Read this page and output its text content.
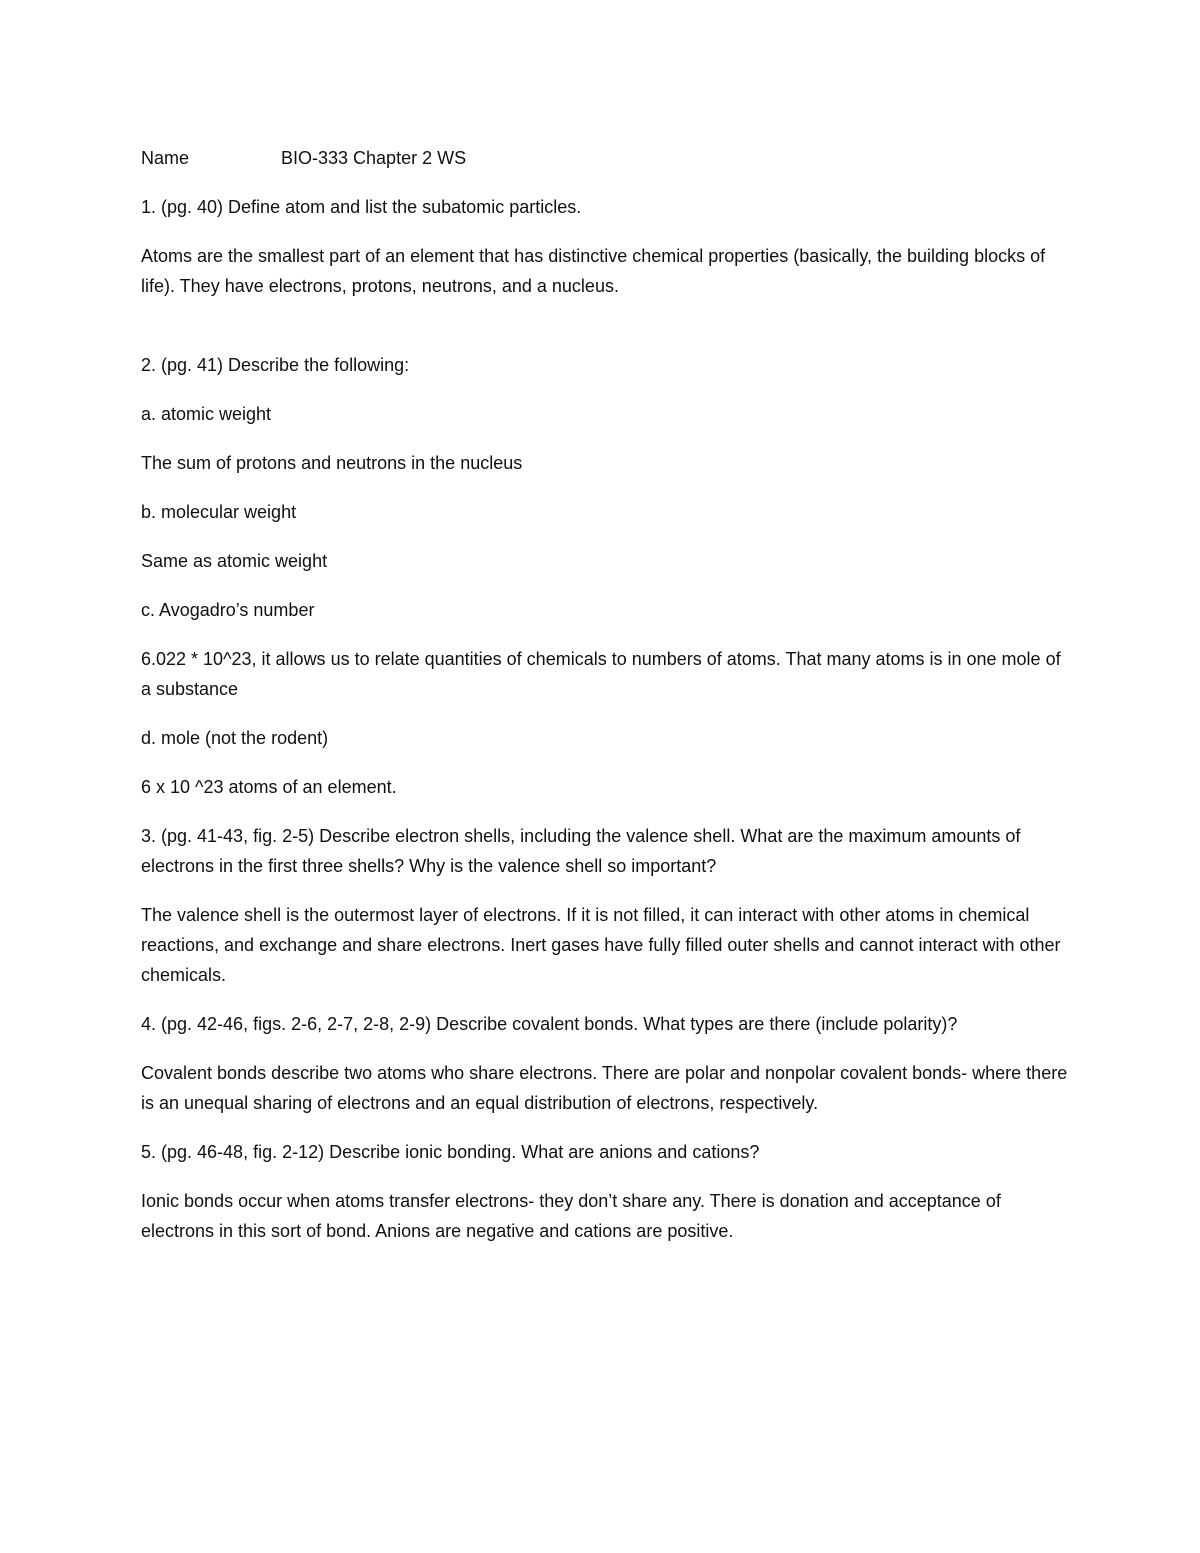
Name	BIO-333 Chapter 2 WS

1. (pg. 40) Define atom and list the subatomic particles.

Atoms are the smallest part of an element that has distinctive chemical properties (basically, the building blocks of life). They have electrons, protons, neutrons, and a nucleus.

2. (pg. 41) Describe the following:

a. atomic weight

The sum of protons and neutrons in the nucleus

b. molecular weight

Same as atomic weight

c. Avogadro’s number

6.022 * 10^23, it allows us to relate quantities of chemicals to numbers of atoms. That many atoms is in one mole of a substance

d. mole (not the rodent)

6 x 10 ^23 atoms of an element.

3. (pg. 41-43, fig. 2-5) Describe electron shells, including the valence shell. What are the maximum amounts of electrons in the first three shells? Why is the valence shell so important?

The valence shell is the outermost layer of electrons. If it is not filled, it can interact with other atoms in chemical reactions, and exchange and share electrons. Inert gases have fully filled outer shells and cannot interact with other chemicals.

4. (pg. 42-46, figs. 2-6, 2-7, 2-8, 2-9) Describe covalent bonds. What types are there (include polarity)?

Covalent bonds describe two atoms who share electrons. There are polar and nonpolar covalent bonds- where there is an unequal sharing of electrons and an equal distribution of electrons, respectively.

5. (pg. 46-48, fig. 2-12) Describe ionic bonding. What are anions and cations?

Ionic bonds occur when atoms transfer electrons- they don’t share any. There is donation and acceptance of electrons in this sort of bond. Anions are negative and cations are positive.
